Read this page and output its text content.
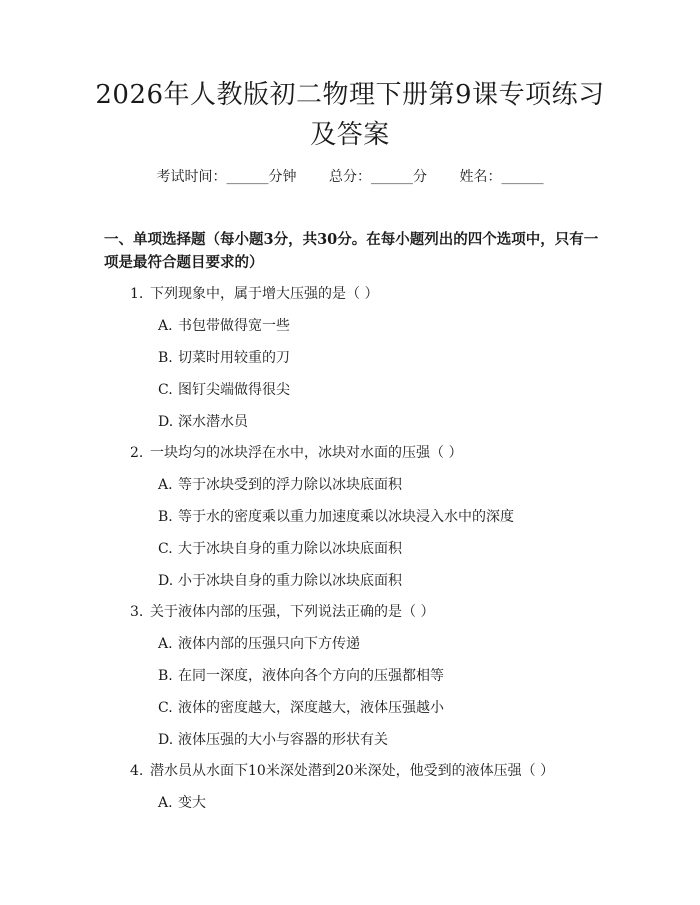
2026年人教版初二物理下册第9课专项练习
及答案
考试时间：______分钟 总分：______分 姓名：______
一、单项选择题（每小题3分，共30分。在每小题列出的四个选项中，只有一项是最符合题目要求的）
1. 下列现象中，属于增大压强的是（ ）
A. 书包带做得宽一些
B. 切菜时用较重的刀
C. 图钉尖端做得很尖
D. 深水潜水员
2. 一块均匀的冰块浮在水中，冰块对水面的压强（ ）
A. 等于冰块受到的浮力除以冰块底面积
B. 等于水的密度乘以重力加速度乘以冰块浸入水中的深度
C. 大于冰块自身的重力除以冰块底面积
D. 小于冰块自身的重力除以冰块底面积
3. 关于液体内部的压强，下列说法正确的是（ ）
A. 液体内部的压强只向下方传递
B. 在同一深度，液体向各个方向的压强都相等
C. 液体的密度越大，深度越大，液体压强越小
D. 液体压强的大小与容器的形状有关
4. 潜水员从水面下10米深处潜到20米深处，他受到的液体压强（ ）
A. 变大
